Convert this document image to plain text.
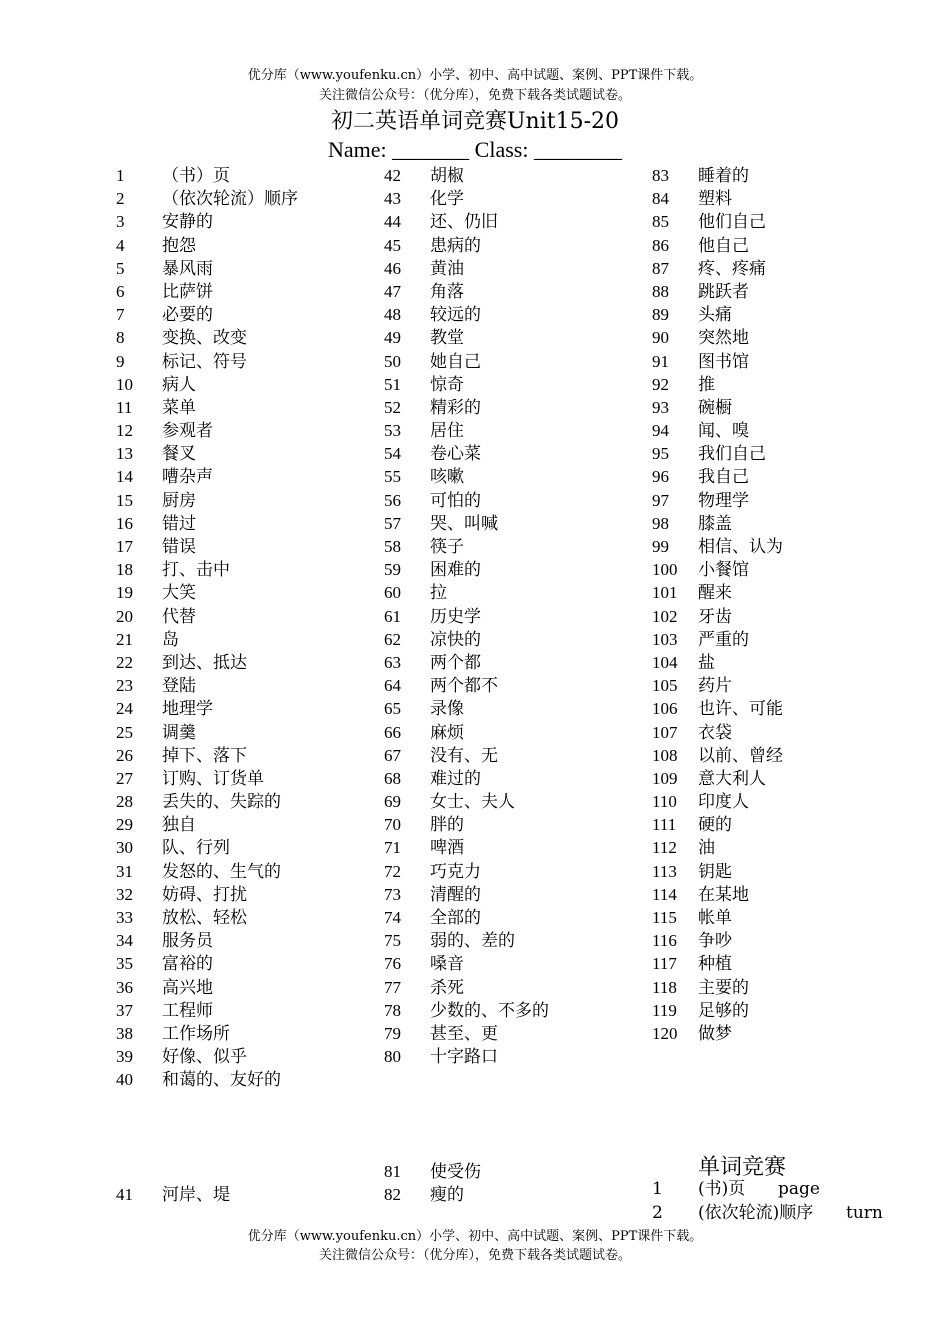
优分库（www.youfenku.cn）小学、初中、高中试题、案例、PPT课件下载。
关注微信公众号：（优分库），免费下载各类试题试卷。
初二英语单词竞赛Unit15-20
Name: _______ Class: ________
1 （书）页
2 （依次轮流）顺序
3 安静的
4 抱怨
5 暴风雨
6 比萨饼
7 必要的
8 变换、改变
9 标记、符号
10 病人
11 菜单
12 参观者
13 餐叉
14 嘈杂声
15 厨房
16 错过
17 错误
18 打、击中
19 大笑
20 代替
21 岛
22 到达、抵达
23 登陆
24 地理学
25 调羹
26 掉下、落下
27 订购、订货单
28 丢失的、失踪的
29 独自
30 队、行列
31 发怒的、生气的
32 妨碍、打扰
33 放松、轻松
34 服务员
35 富裕的
36 高兴地
37 工程师
38 工作场所
39 好像、似乎
40 和蔼的、友好的
42 胡椒
43 化学
44 还、仍旧
45 患病的
46 黄油
47 角落
48 较远的
49 教堂
50 她自己
51 惊奇
52 精彩的
53 居住
54 卷心菜
55 咳嗽
56 可怕的
57 哭、叫喊
58 筷子
59 困难的
60 拉
61 历史学
62 凉快的
63 两个都
64 两个都不
65 录像
66 麻烦
67 没有、无
68 难过的
69 女士、夫人
70 胖的
71 啤酒
72 巧克力
73 清醒的
74 全部的
75 弱的、差的
76 嗓音
77 杀死
78 少数的、不多的
79 甚至、更
80 十字路口
83 睡着的
84 塑料
85 他们自己
86 他自己
87 疼、疼痛
88 跳跃者
89 头痛
90 突然地
91 图书馆
92 推
93 碗橱
94 闻、嗅
95 我们自己
96 我自己
97 物理学
98 膝盖
99 相信、认为
100 小餐馆
101 醒来
102 牙齿
103 严重的
104 盐
105 药片
106 也许、可能
107 衣袋
108 以前、曾经
109 意大利人
110 印度人
111 硬的
112 油
113 钥匙
114 在某地
115 帐单
116 争吵
117 种植
118 主要的
119 足够的
120 做梦
41 河岸、堤
81 使受伤
82 瘦的
单词竞赛
1 (书)页 page
2 (依次轮流)顺序 turn
优分库（www.youfenku.cn）小学、初中、高中试题、案例、PPT课件下载。
关注微信公众号：（优分库），免费下载各类试题试卷。
